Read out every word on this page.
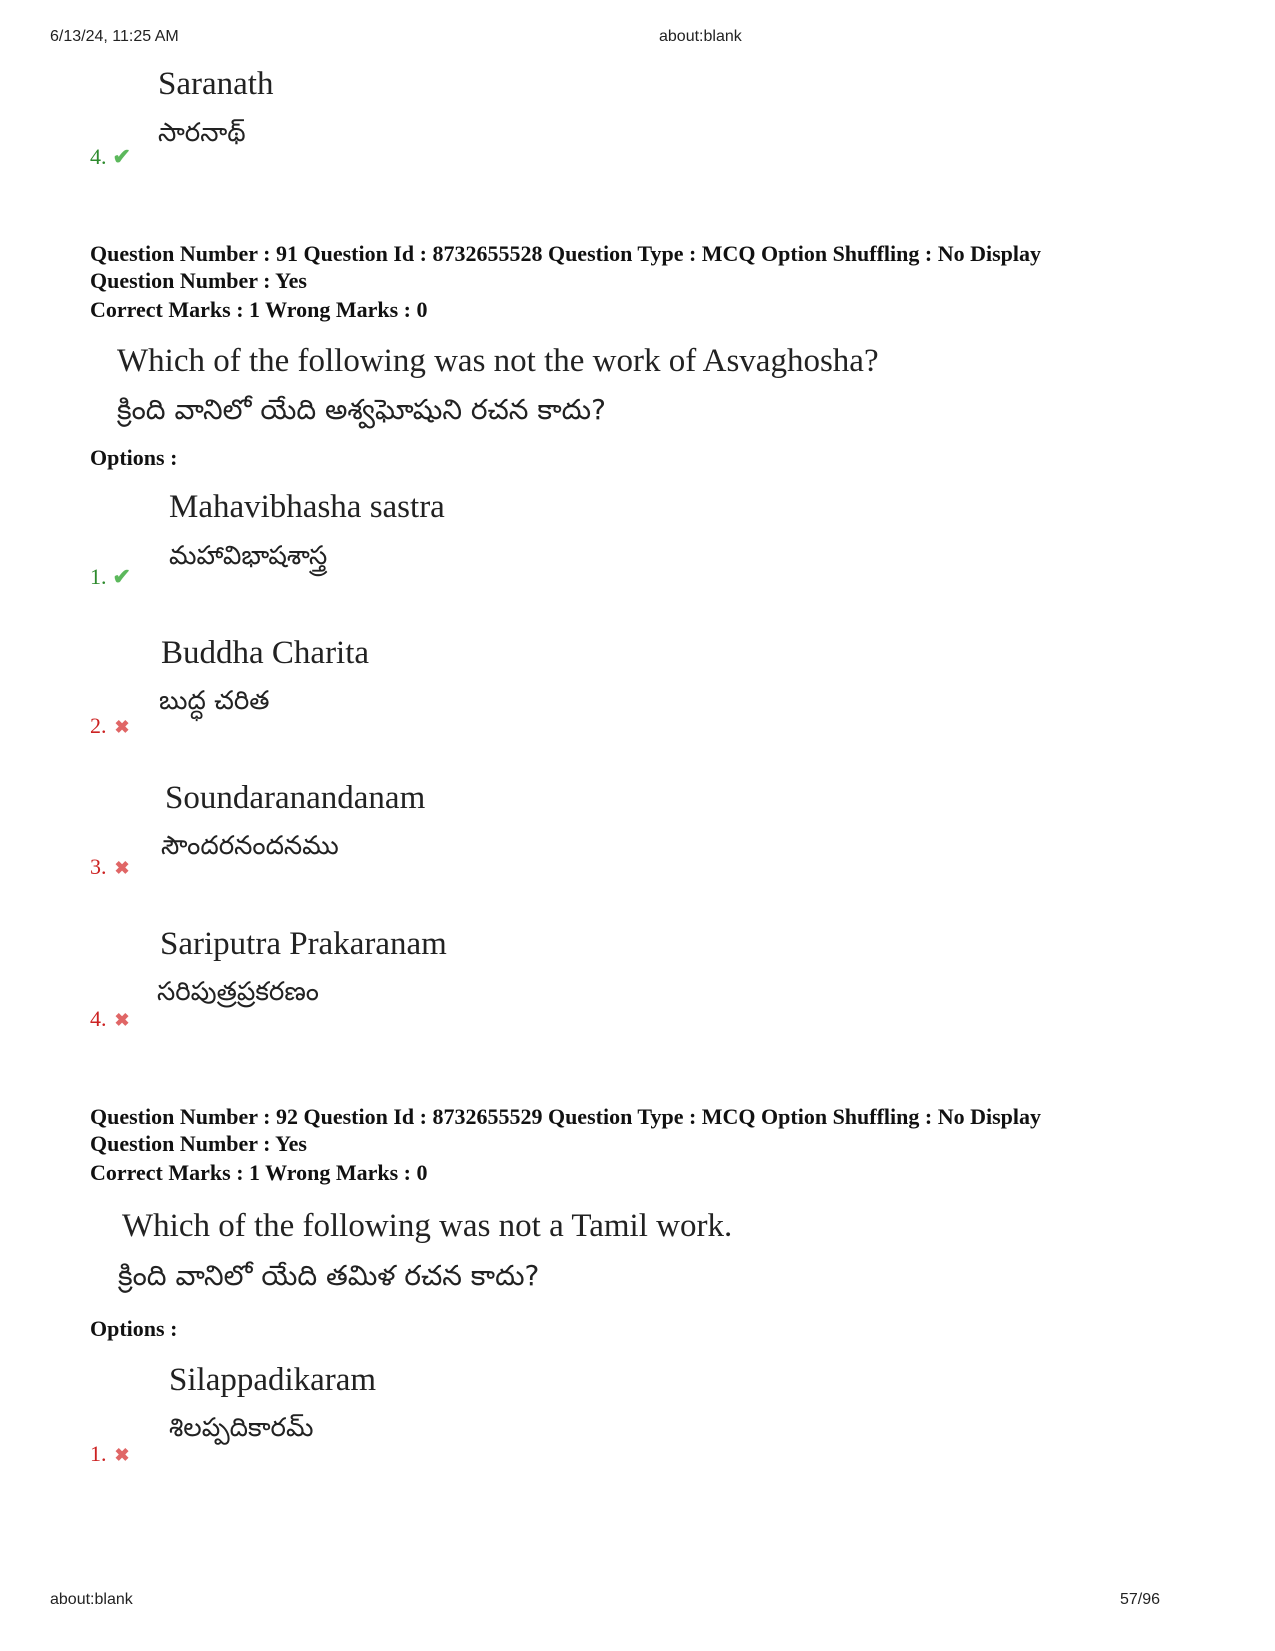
6/13/24, 11:25 AM	about:blank
Saranath
సారనాథ్
4. ✔
Question Number : 91 Question Id : 8732655528 Question Type : MCQ Option Shuffling : No Display
Question Number : Yes
Correct Marks : 1 Wrong Marks : 0
Which of the following was not the work of Asvaghosha?
క్రింది వానిలో యేది అశ్వఘోషుని రచన కాదు?
Options :
Mahavibhasha sastra
మహావిభాషశాస్త్ర
1. ✔
Buddha Charita
బుద్ధ చరిత
2. ✖
Soundaranandanam
సౌందరనందనము
3. ✖
Sariputra Prakaranam
సరిపుత్రప్రకరణం
4. ✖
Question Number : 92 Question Id : 8732655529 Question Type : MCQ Option Shuffling : No Display
Question Number : Yes
Correct Marks : 1 Wrong Marks : 0
Which of the following was not a Tamil work.
క్రింది వానిలో యేది తమిళ రచన కాదు?
Options :
Silappadikaram
శిలప్పదికారమ్
1. ✖
about:blank	57/96
